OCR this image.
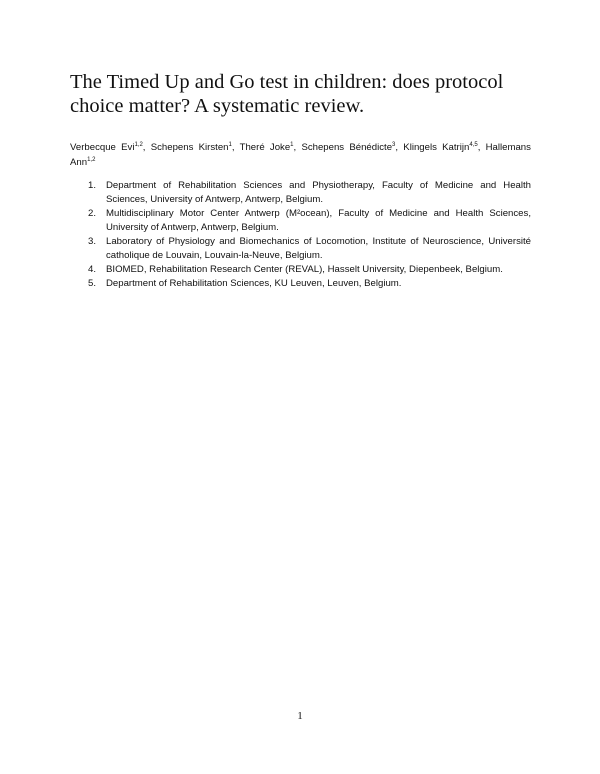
The Timed Up and Go test in children: does protocol choice matter? A systematic review.
Verbecque Evi$^{1,2}$, Schepens Kirsten$^1$, Theré Joke$^1$, Schepens Bénédicte$^3$, Klingels Katrijn$^{4,5}$, Hallemans Ann$^{1,2}$
1. Department of Rehabilitation Sciences and Physiotherapy, Faculty of Medicine and Health Sciences, University of Antwerp, Antwerp, Belgium.
2. Multidisciplinary Motor Center Antwerp (M²ocean), Faculty of Medicine and Health Sciences, University of Antwerp, Antwerp, Belgium.
3. Laboratory of Physiology and Biomechanics of Locomotion, Institute of Neuroscience, Université catholique de Louvain, Louvain-la-Neuve, Belgium.
4. BIOMED, Rehabilitation Research Center (REVAL), Hasselt University, Diepenbeek, Belgium.
5. Department of Rehabilitation Sciences, KU Leuven, Leuven, Belgium.
1
